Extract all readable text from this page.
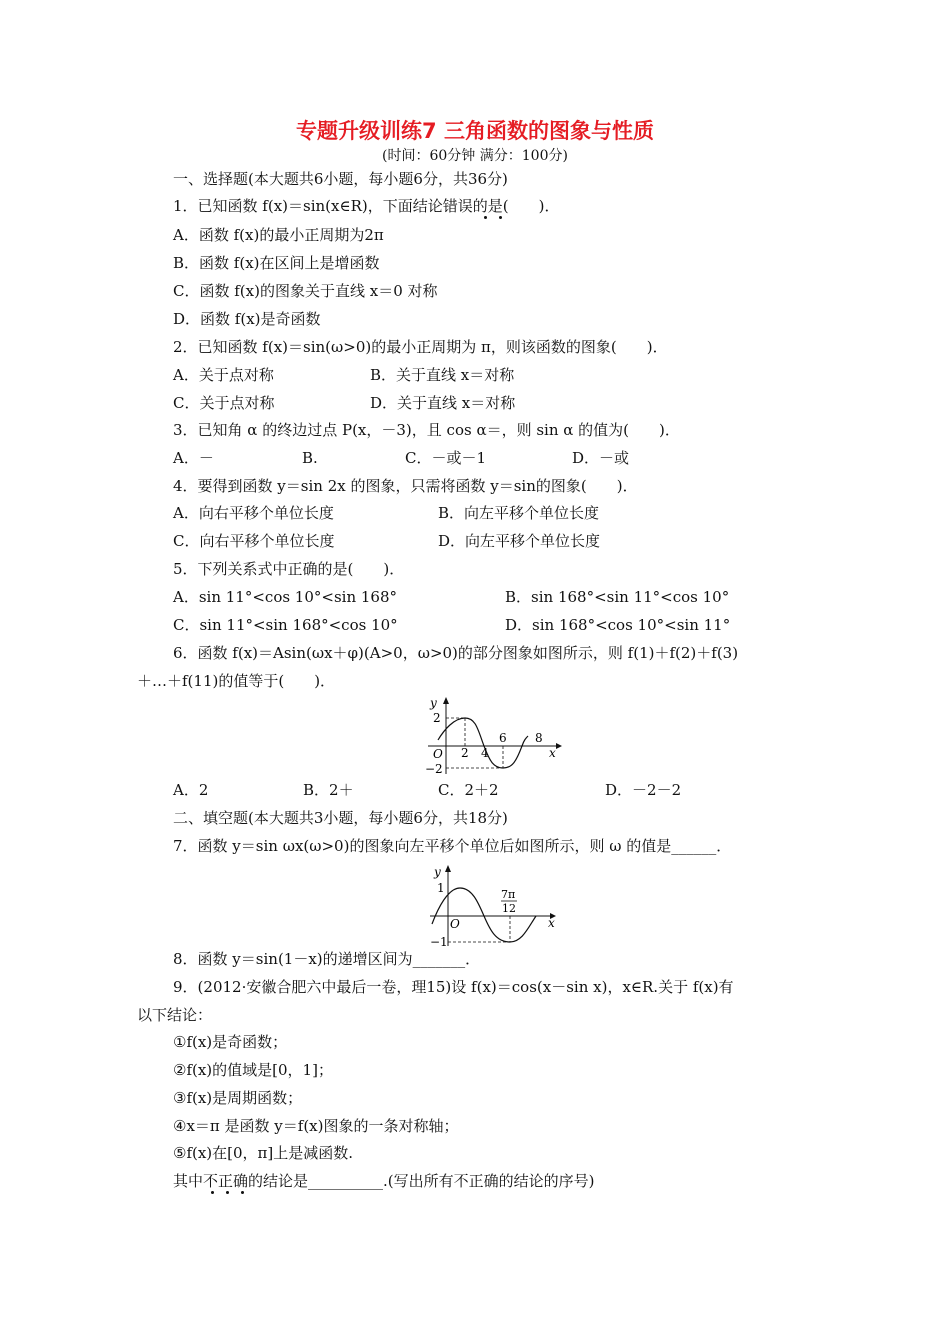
专题升级训练7 三角函数的图象与性质
(时间：60分钟 满分：100分)
一、选择题(本大题共6小题，每小题6分，共36分)
1．已知函数 f(x)＝sin(x∈R)，下面结论错误的是(　　)．
A．函数 f(x)的最小正周期为2π
B．函数 f(x)在区间上是增函数
C．函数 f(x)的图象关于直线 x＝0 对称
D．函数 f(x)是奇函数
2．已知函数 f(x)＝sin(ω>0)的最小正周期为 π，则该函数的图象(　　)．
A．关于点对称	B．关于直线 x＝对称
C．关于点对称	D．关于直线 x＝对称
3．已知角 α 的终边过点 P(x，－3)，且 cos α＝，则 sin α 的值为(　　)．
A．－	B.	C．－或－1	D．－或
4．要得到函数 y＝sin 2x 的图象，只需将函数 y＝sin的图象(　　)．
A．向右平移个单位长度	B．向左平移个单位长度
C．向右平移个单位长度	D．向左平移个单位长度
5．下列关系式中正确的是(　　)．
A．sin 11°<cos 10°<sin 168°	B．sin 168°<sin 11°<cos 10°
C．sin 11°<sin 168°<cos 10°	D．sin 168°<cos 10°<sin 11°
6．函数 f(x)＝Asin(ωx＋φ)(A>0，ω>0)的部分图象如图所示，则 f(1)＋f(2)＋f(3)
＋…＋f(11)的值等于(　　)．
y
x
O
2
−2
2 4
6 8
A．2	B．2＋	C．2＋2	D．－2－2
二、填空题(本大题共3小题，每小题6分，共18分)
7．函数 y＝sin ωx(ω>0)的图象向左平移个单位后如图所示，则 ω 的值是______．
y
x
O
1
−1
7π
12
8．函数 y＝sin(1－x)的递增区间为_______．
9．(2012·安徽合肥六中最后一卷，理15)设 f(x)＝cos(x－sin x)，x∈R.关于 f(x)有
以下结论：
①f(x)是奇函数；
②f(x)的值域是[0，1]；
③f(x)是周期函数；
④x＝π 是函数 y＝f(x)图象的一条对称轴；
⑤f(x)在[0，π]上是减函数.
其中不正确的结论是__________.(写出所有不正确的结论的序号)
